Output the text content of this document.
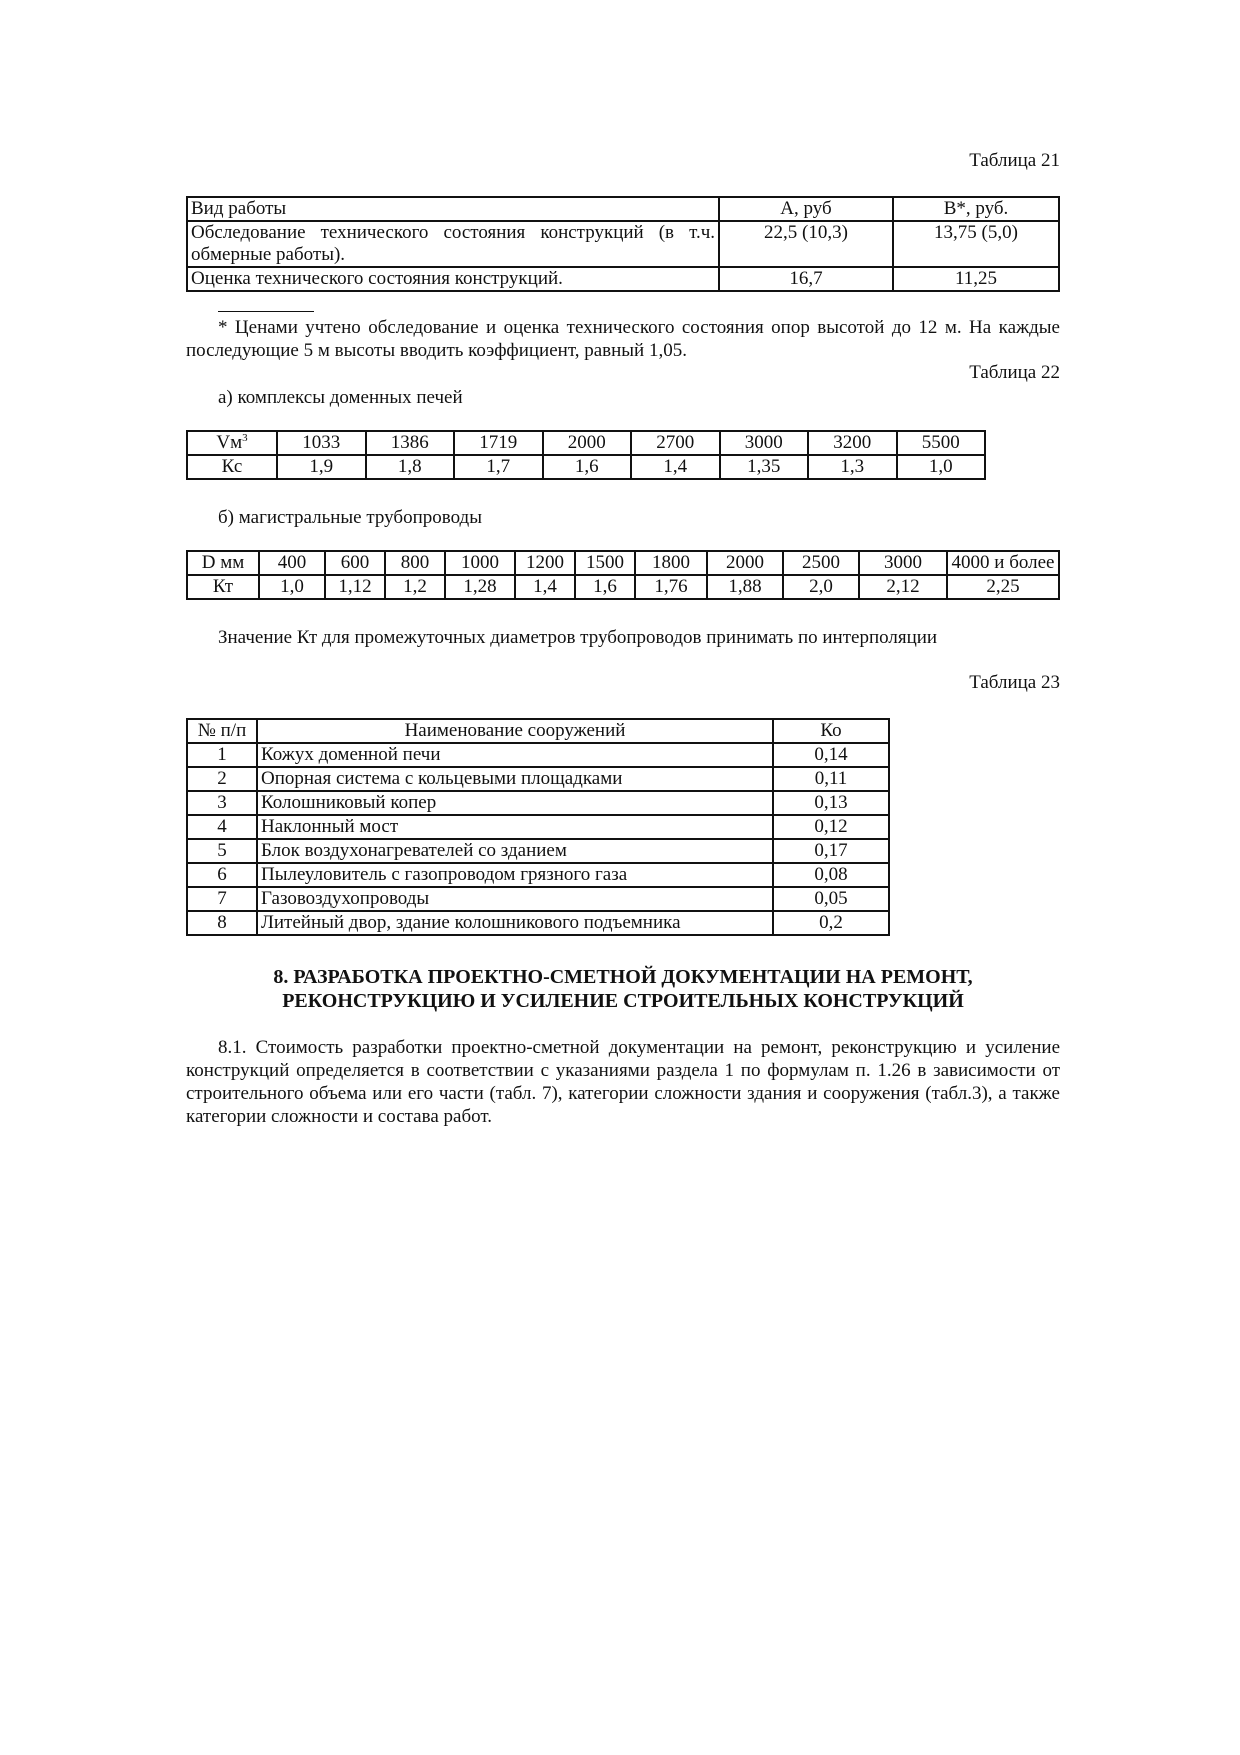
Таблица 21
Вид работы	А, руб	В*, руб.
Обследование технического состояния конструкций (в т.ч. обмерные работы).	22,5 (10,3)	13,75 (5,0)
Оценка технического состояния конструкций.	16,7	11,25
* Ценами учтено обследование и оценка технического состояния опор высотой до 12 м. На каждые последующие 5 м высоты вводить коэффициент, равный 1,05.
Таблица 22
а) комплексы доменных печей
$Vм^3$	1033	1386	1719	2000	2700	3000	3200	5500
Кс	1,9	1,8	1,7	1,6	1,4	1,35	1,3	1,0
б) магистральные трубопроводы
D мм	400	600	800	1000	1200	1500	1800	2000	2500	3000	4000 и более
Кт	1,0	1,12	1,2	1,28	1,4	1,6	1,76	1,88	2,0	2,12	2,25
Значение Кт для промежуточных диаметров трубопроводов принимать по интерполяции
Таблица 23
№ п/п	Наименование сооружений	Ко
1	Кожух доменной печи	0,14
2	Опорная система с кольцевыми площадками	0,11
3	Колошниковый копер	0,13
4	Наклонный мост	0,12
5	Блок воздухонагревателей со зданием	0,17
6	Пылеуловитель с газопроводом грязного газа	0,08
7	Газовоздухопроводы	0,05
8	Литейный двор, здание колошникового подъемника	0,2
8. РАЗРАБОТКА ПРОЕКТНО-СМЕТНОЙ ДОКУМЕНТАЦИИ НА РЕМОНТ,
РЕКОНСТРУКЦИЮ И УСИЛЕНИЕ СТРОИТЕЛЬНЫХ КОНСТРУКЦИЙ
8.1. Стоимость разработки проектно-сметной документации на ремонт, реконструкцию и усиление конструкций определяется в соответствии с указаниями раздела 1 по формулам п. 1.26 в зависимости от строительного объема или его части (табл. 7), категории сложности здания и сооружения (табл.3), а также категории сложности и состава работ.
